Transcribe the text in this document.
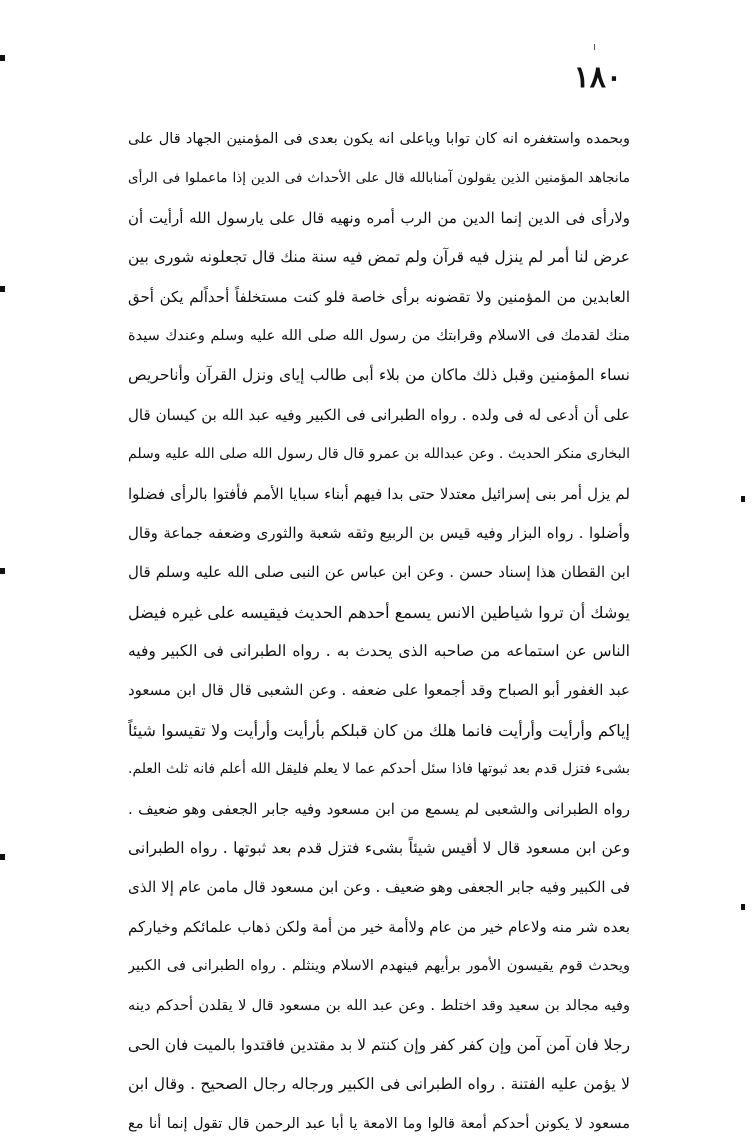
١٨٠
وبحمده واستغفره انه كان توابا وياعلى انه يكون بعدى فى المؤمنين الجهاد قال على
مانجاهد المؤمنين الذين يقولون آمنابالله قال على الأحداث فى الدين إذا ماعملوا فى الرأى
ولارأى فى الدين إنما الدين من الرب أمره ونهيه قال على يارسول الله أرأيت أن
عرض لنا أمر لم ينزل فيه قرآن ولم تمض فيه سنة منك قال تجعلونه شورى بين
العابدين من المؤمنين ولا تقضونه برأى خاصة فلو كنت مستخلفاً أحداًلم يكن أحق
منك لقدمك فى الاسلام وقرابتك من رسول الله صلى الله عليه وسلم وعندك سيدة
نساء المؤمنين وقبل ذلك ماكان من بلاء أبى طالب إياى ونزل القرآن وأناحريص
على أن أدعى له فى ولده . رواه الطبرانى فى الكبير وفيه عبد الله بن كيسان قال
البخارى منكر الحديث . وعن عبدالله بن عمرو قال قال رسول الله صلى الله عليه وسلم
لم يزل أمر بنى إسرائيل معتدلا حتى بدا فيهم أبناء سبايا الأمم فأفتوا بالرأى فضلوا
وأضلوا . رواه البزار وفيه قيس بن الربيع وثقه شعبة والثورى وضعفه جماعة وقال
ابن القطان هذا إسناد حسن . وعن ابن عباس عن النبى صلى الله عليه وسلم قال
يوشك أن تروا شياطين الانس يسمع أحدهم الحديث فيقيسه على غيره فيضل
الناس عن استماعه من صاحبه الذى يحدث به . رواه الطبرانى فى الكبير وفيه
عبد الغفور أبو الصباح وقد أجمعوا على ضعفه . وعن الشعبى قال قال ابن مسعود
إياكم وأرأيت وأرأيت فانما هلك من كان قبلكم بأرأيت وأرأيت ولا تقيسوا شيئاً
بشىء فتزل قدم بعد ثبوتها فاذا سئل أحدكم عما لا يعلم فليقل الله أعلم فانه ثلث العلم.
رواه الطبرانى والشعبى لم يسمع من ابن مسعود وفيه جابر الجعفى وهو ضعيف .
وعن ابن مسعود قال لا أقيس شيئاً بشىء فتزل قدم بعد ثبوتها . رواه الطبرانى
فى الكبير وفيه جابر الجعفى وهو ضعيف . وعن ابن مسعود قال مامن عام إلا الذى
بعده شر منه ولاعام خير من عام ولاأمة خير من أمة ولكن ذهاب علمائكم وخياركم
ويحدث قوم يقيسون الأمور برأيهم فينهدم الاسلام وينثلم . رواه الطبرانى فى الكبير
وفيه مجالد بن سعيد وقد اختلط . وعن عبد الله بن مسعود قال لا يقلدن أحدكم دينه
رجلا فان آمن آمن وإن كفر كفر وإن كنتم لا بد مقتدين فاقتدوا بالميت فان الحى
لا يؤمن عليه الفتنة . رواه الطبرانى فى الكبير ورجاله رجال الصحيح . وقال ابن
مسعود لا يكونن أحدكم أمعة قالوا وما الامعة يا أبا عبد الرحمن قال تقول إنما أنا مع
